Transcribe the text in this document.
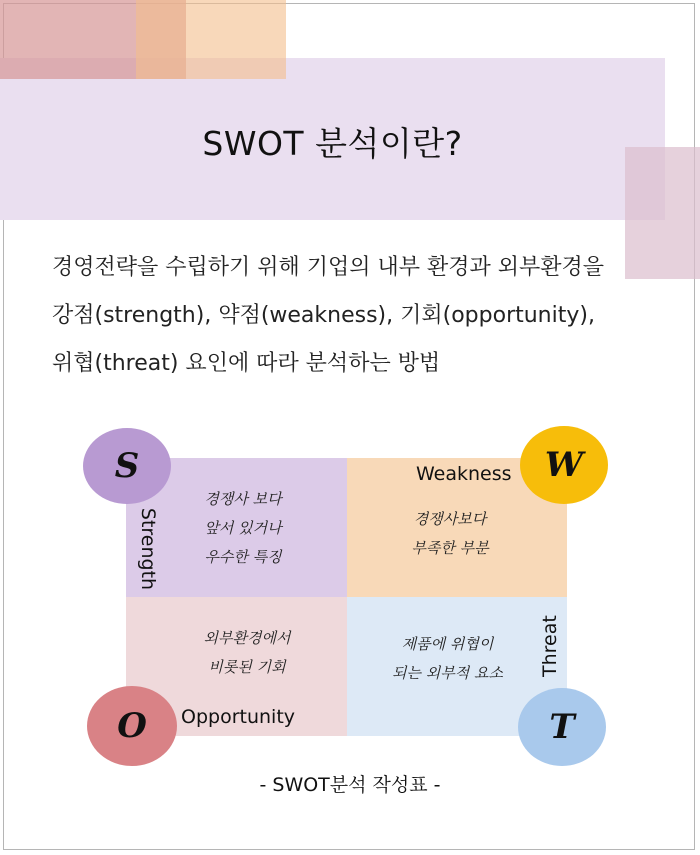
SWOT 분석이란?
경영전략을 수립하기 위해 기업의 내부 환경과 외부환경을
강점(strength), 약점(weakness), 기회(opportunity),
위협(threat) 요인에 따라 분석하는 방법
경쟁사 보다
앞서 있거나
우수한 특징
경쟁사보다
부족한 부분
외부환경에서
비롯된 기회
제품에 위협이
되는 외부적 요소
Strength
Weakness
Opportunity
Threat
S	W
O	T
- SWOT분석 작성표 -
